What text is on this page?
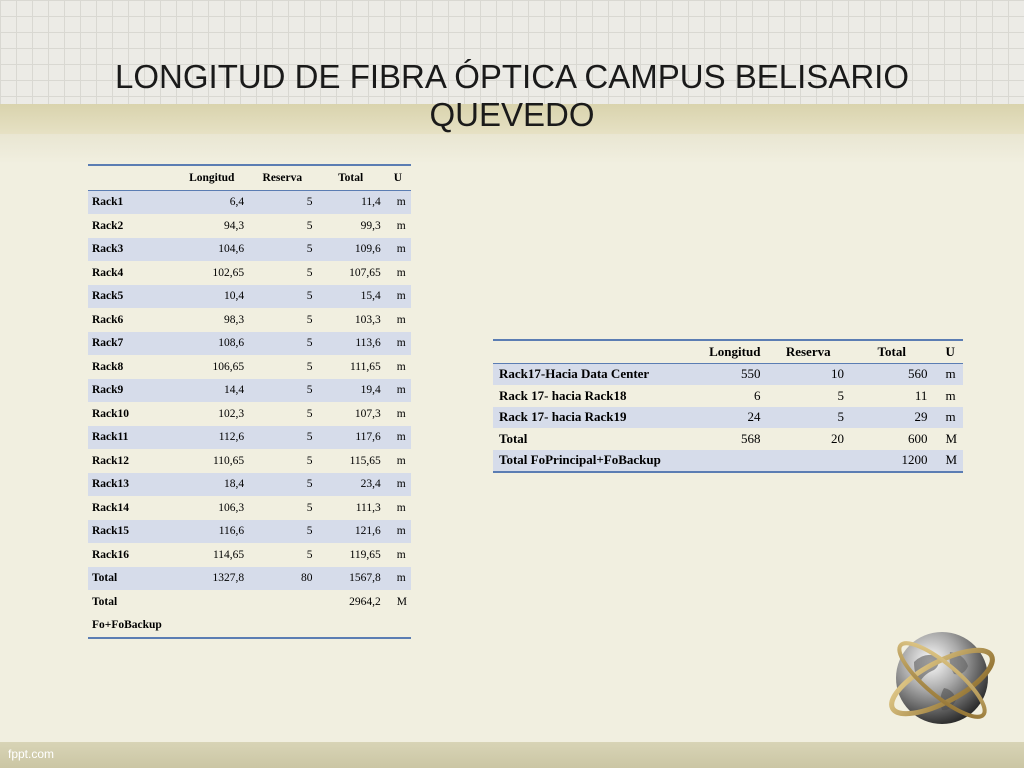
LONGITUD DE FIBRA ÓPTICA CAMPUS BELISARIO QUEVEDO
	Longitud	Reserva	Total	U
Rack1	6,4	5	11,4	m
Rack2	94,3	5	99,3	m
Rack3	104,6	5	109,6	m
Rack4	102,65	5	107,65	m
Rack5	10,4	5	15,4	m
Rack6	98,3	5	103,3	m
Rack7	108,6	5	113,6	m
Rack8	106,65	5	111,65	m
Rack9	14,4	5	19,4	m
Rack10	102,3	5	107,3	m
Rack11	112,6	5	117,6	m
Rack12	110,65	5	115,65	m
Rack13	18,4	5	23,4	m
Rack14	106,3	5	111,3	m
Rack15	116,6	5	121,6	m
Rack16	114,65	5	119,65	m
Total	1327,8	80	1567,8	m
Total			2964,2	M
Fo+FoBackup				
	Longitud	Reserva	Total	U
Rack17-Hacia Data Center	550	10	560	m
Rack 17- hacia Rack18	6	5	11	m
Rack 17- hacia Rack19	24	5	29	m
Total	568	20	600	M
Total FoPrincipal+FoBackup			1200	M
fppt.com
